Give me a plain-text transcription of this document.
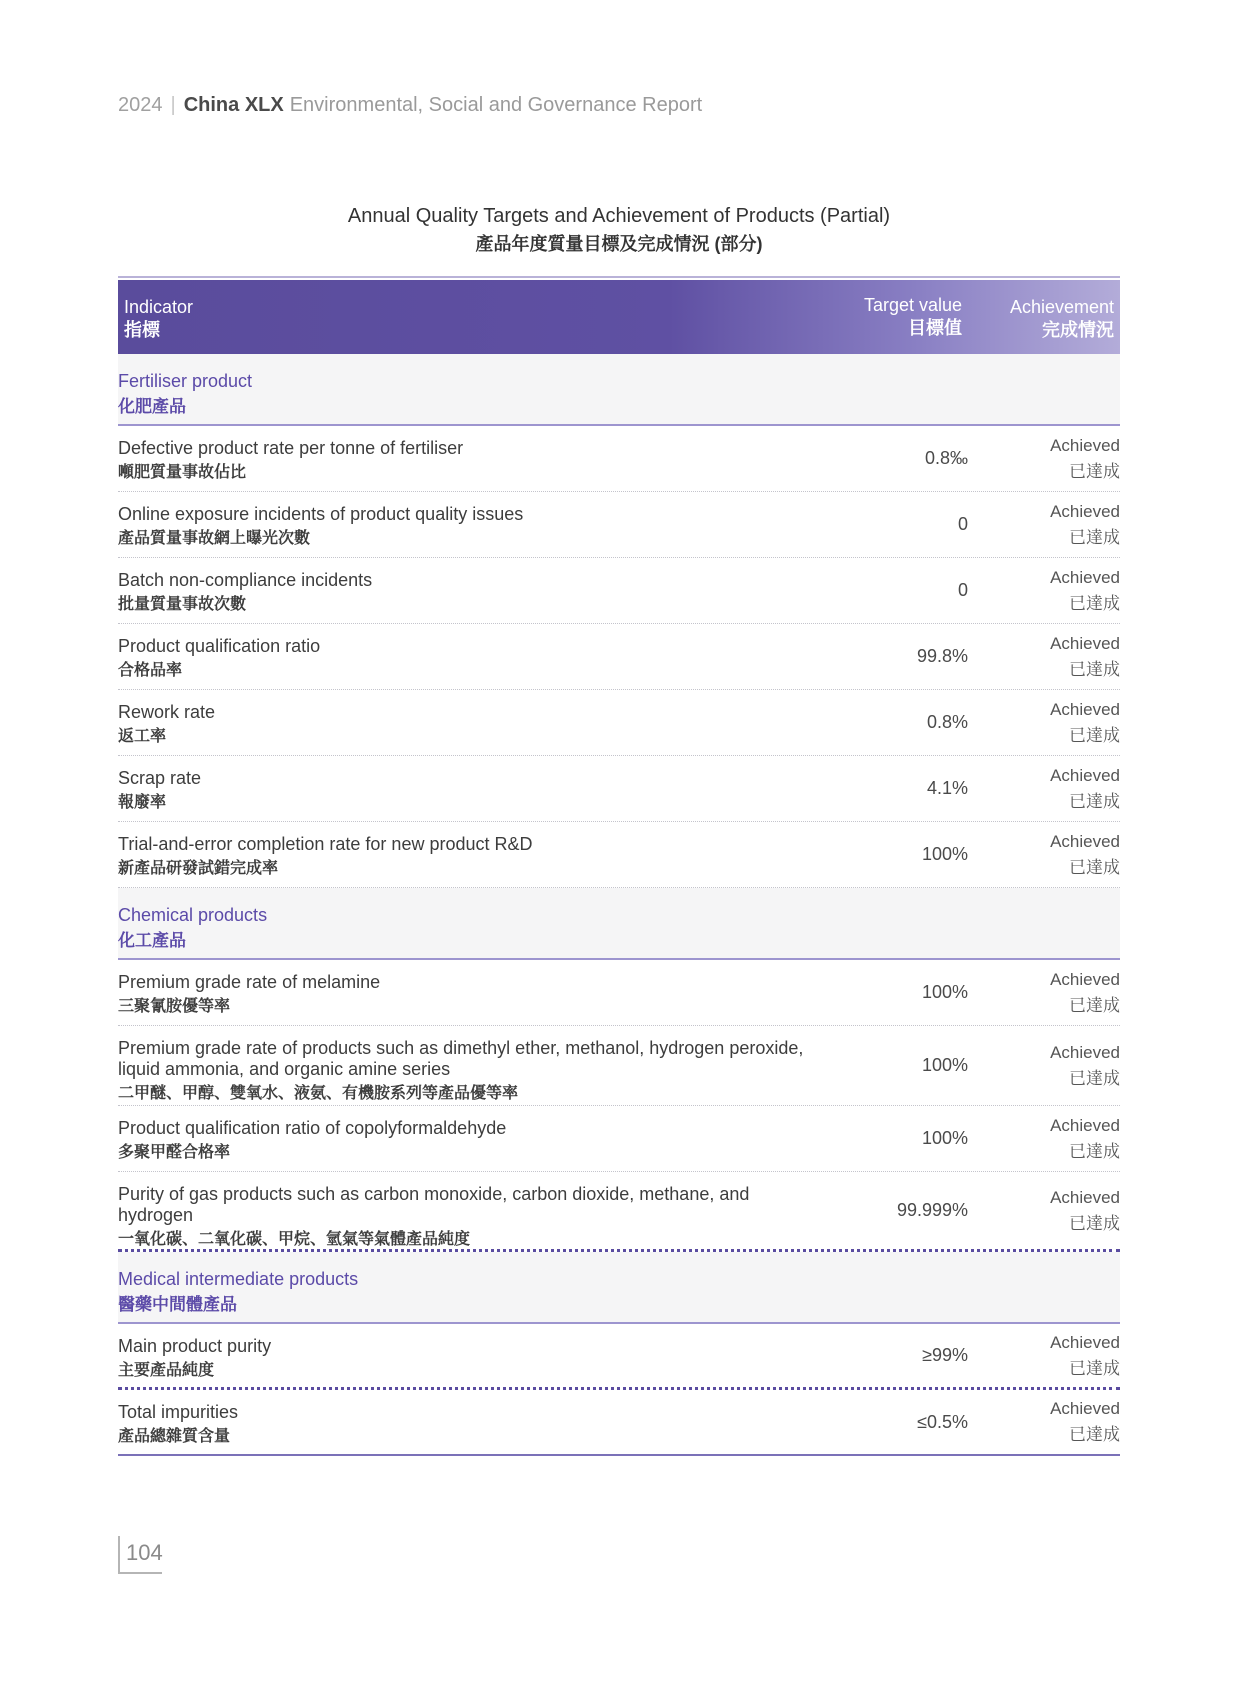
2024 | China XLX Environmental, Social and Governance Report
Annual Quality Targets and Achievement of Products (Partial)
產品年度質量目標及完成情況 (部分)
Indicator
指標
Target value
目標值
Achievement
完成情況
Fertiliser product
化肥產品
Defective product rate per tonne of fertiliser
噸肥質量事故佔比
0.8‰
Achieved
已達成
Online exposure incidents of product quality issues
產品質量事故網上曝光次數
0
Achieved
已達成
Batch non-compliance incidents
批量質量事故次數
0
Achieved
已達成
Product qualification ratio
合格品率
99.8%
Achieved
已達成
Rework rate
返工率
0.8%
Achieved
已達成
Scrap rate
報廢率
4.1%
Achieved
已達成
Trial-and-error completion rate for new product R&D
新產品研發試錯完成率
100%
Achieved
已達成
Chemical products
化工產品
Premium grade rate of melamine
三聚氰胺優等率
100%
Achieved
已達成
Premium grade rate of products such as dimethyl ether, methanol, hydrogen peroxide, liquid ammonia, and organic amine series
二甲醚、甲醇、雙氧水、液氨、有機胺系列等產品優等率
100%
Achieved
已達成
Product qualification ratio of copolyformaldehyde
多聚甲醛合格率
100%
Achieved
已達成
Purity of gas products such as carbon monoxide, carbon dioxide, methane, and hydrogen
一氧化碳、二氧化碳、甲烷、氫氣等氣體產品純度
99.999%
Achieved
已達成
Medical intermediate products
醫藥中間體產品
Main product purity
主要產品純度
≥99%
Achieved
已達成
Total impurities
產品總雜質含量
≤0.5%
Achieved
已達成
104
